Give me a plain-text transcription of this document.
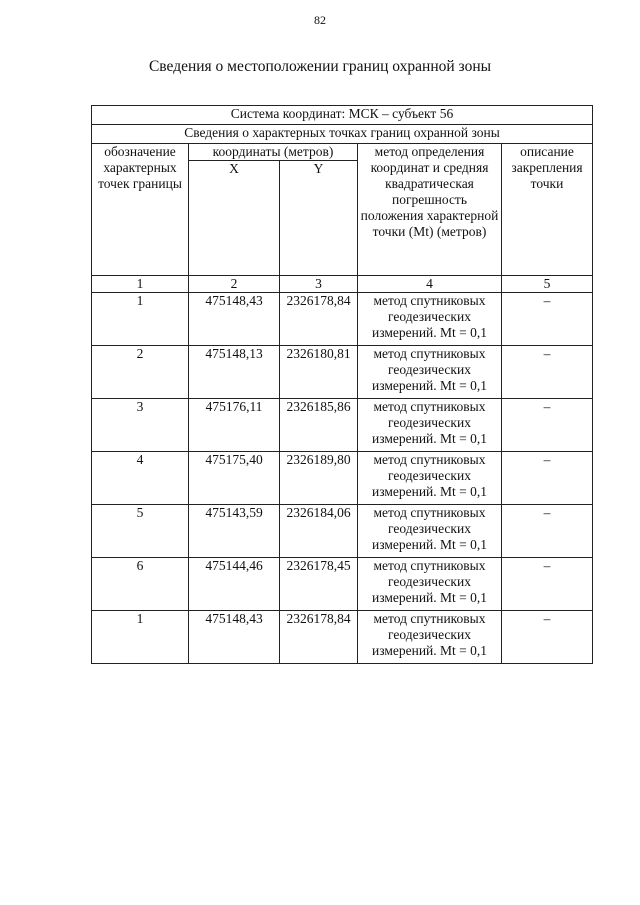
82
Сведения о местоположении границ охранной зоны
Система координат: МСК – субъект 56				
Сведения о характерных точках границ охранной зоны				
обозначение характерных точек границы	координаты (метров)		метод определения координат и средняя квадратическая погрешность положения характерной точки (Mt) (метров)	описание закрепления точки
	X	Y		
1	2	3	4	5
1	475148,43	2326178,84	метод спутниковых геодезических измерений. Mt = 0,1	–
2	475148,13	2326180,81	метод спутниковых геодезических измерений. Mt = 0,1	–
3	475176,11	2326185,86	метод спутниковых геодезических измерений. Mt = 0,1	–
4	475175,40	2326189,80	метод спутниковых геодезических измерений. Mt = 0,1	–
5	475143,59	2326184,06	метод спутниковых геодезических измерений. Mt = 0,1	–
6	475144,46	2326178,45	метод спутниковых геодезических измерений. Mt = 0,1	–
1	475148,43	2326178,84	метод спутниковых геодезических измерений. Mt = 0,1	–
